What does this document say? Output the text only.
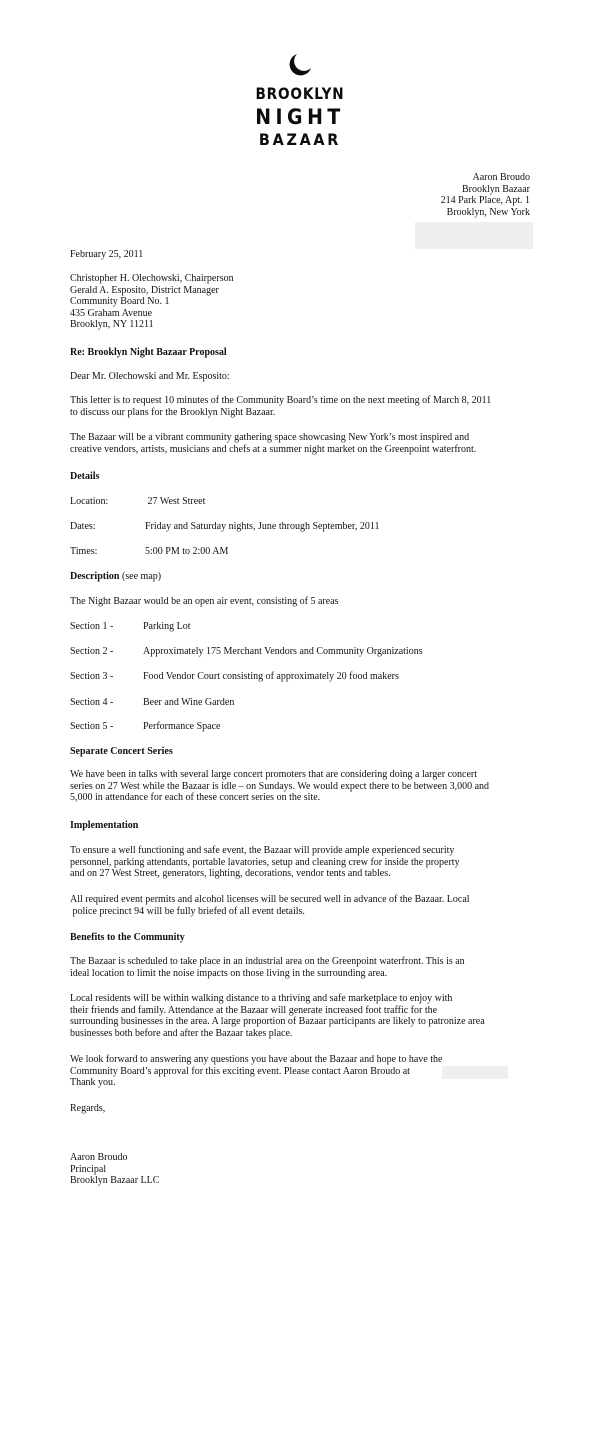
BROOKLYN
NIGHT
BAZAAR
Aaron Broudo
Brooklyn Bazaar
214 Park Place, Apt. 1
Brooklyn, New York
February 25, 2011
Christopher H. Olechowski, Chairperson
Gerald A. Esposito, District Manager
Community Board No. 1
435 Graham Avenue
Brooklyn, NY 11211
Re: Brooklyn Night Bazaar Proposal
Dear Mr. Olechowski and Mr. Esposito:
This letter is to request 10 minutes of the Community Board’s time on the next meeting of March 8, 2011
to discuss our plans for the Brooklyn Night Bazaar.
The Bazaar will be a vibrant community gathering space showcasing New York’s most inspired and
creative vendors, artists, musicians and chefs at a summer night market on the Greenpoint waterfront.
Details
Location:	27 West Street
Dates:	Friday and Saturday nights, June through September, 2011
Times:	5:00 PM to 2:00 AM
Description (see map)
The Night Bazaar would be an open air event, consisting of 5 areas
Section 1 -	Parking Lot
Section 2 -	Approximately 175 Merchant Vendors and Community Organizations
Section 3 -	Food Vendor Court consisting of approximately 20 food makers
Section 4 -	Beer and Wine Garden
Section 5 -	Performance Space
Separate Concert Series
We have been in talks with several large concert promoters that are considering doing a larger concert
series on 27 West while the Bazaar is idle – on Sundays. We would expect there to be between 3,000 and
5,000 in attendance for each of these concert series on the site.
Implementation
To ensure a well functioning and safe event, the Bazaar will provide ample experienced security
personnel, parking attendants, portable lavatories, setup and cleaning crew for inside the property
and on 27 West Street, generators, lighting, decorations, vendor tents and tables.
All required event permits and alcohol licenses will be secured well in advance of the Bazaar. Local
police precinct 94 will be fully briefed of all event details.
Benefits to the Community
The Bazaar is scheduled to take place in an industrial area on the Greenpoint waterfront. This is an
ideal location to limit the noise impacts on those living in the surrounding area.
Local residents will be within walking distance to a thriving and safe marketplace to enjoy with
their friends and family. Attendance at the Bazaar will generate increased foot traffic for the
surrounding businesses in the area. A large proportion of Bazaar participants are likely to patronize area
businesses both before and after the Bazaar takes place.
We look forward to answering any questions you have about the Bazaar and hope to have the
Community Board’s approval for this exciting event. Please contact Aaron Broudo at
Thank you.
Regards,
Aaron Broudo
Principal
Brooklyn Bazaar LLC
